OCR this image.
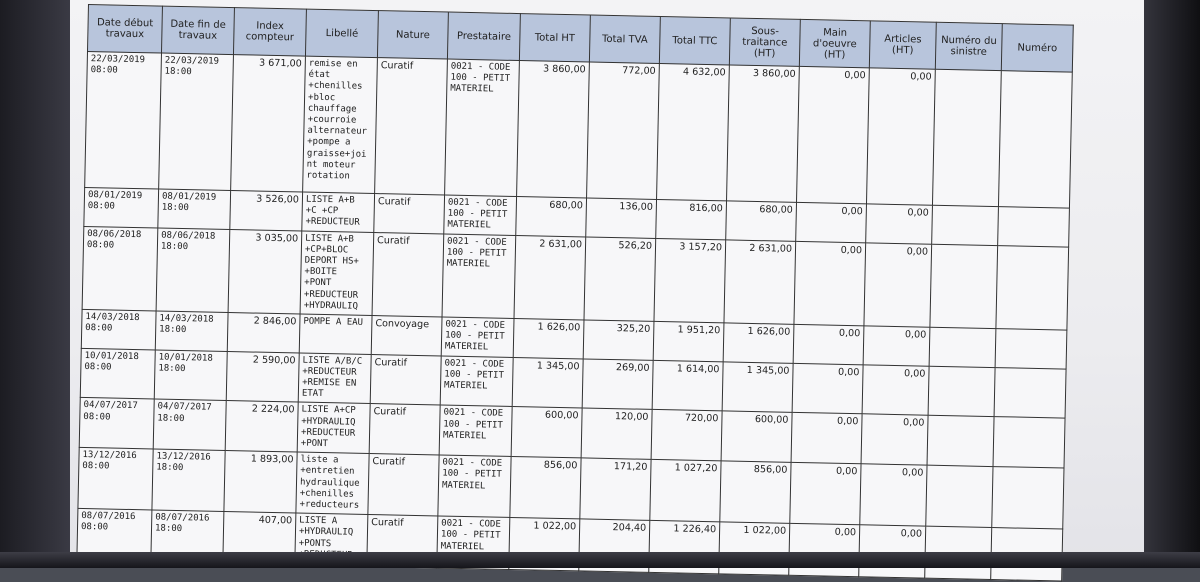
Date début travaux	Date fin de travaux	Index compteur	Libellé	Nature	Prestataire	Total HT	Total TVA	Total TTC	Sous-traitance (HT)	Main d'oeuvre (HT)	Articles (HT)	Numéro du sinistre	Numéro
22/03/2019 08:00	22/03/2019 18:00	3 671,00	remise en état +chenilles +bloc chauffage +courroie alternateur +pompe a graisse+joint moteur rotation	Curatif	0021 - CODE 100 - PETIT MATERIEL	3 860,00	772,00	4 632,00	3 860,00	0,00	0,00		
08/01/2019 08:00	08/01/2019 18:00	3 526,00	LISTE A+B +C +CP +REDUCTEUR	Curatif	0021 - CODE 100 - PETIT MATERIEL	680,00	136,00	816,00	680,00	0,00	0,00		
08/06/2018 08:00	08/06/2018 18:00	3 035,00	LISTE A+B +CP+BLOC DEPORT HS+ +BOITE +PONT +REDUCTEUR +HYDRAULIQ	Curatif	0021 - CODE 100 - PETIT MATERIEL	2 631,00	526,20	3 157,20	2 631,00	0,00	0,00		
14/03/2018 08:00	14/03/2018 18:00	2 846,00	POMPE A EAU	Convoyage	0021 - CODE 100 - PETIT MATERIEL	1 626,00	325,20	1 951,20	1 626,00	0,00	0,00		
10/01/2018 08:00	10/01/2018 18:00	2 590,00	LISTE A/B/C +REDUCTEUR +REMISE EN ETAT	Curatif	0021 - CODE 100 - PETIT MATERIEL	1 345,00	269,00	1 614,00	1 345,00	0,00	0,00		
04/07/2017 08:00	04/07/2017 18:00	2 224,00	LISTE A+CP +HYDRAULIQ +REDUCTEUR +PONT	Curatif	0021 - CODE 100 - PETIT MATERIEL	600,00	120,00	720,00	600,00	0,00	0,00		
13/12/2016 08:00	13/12/2016 18:00	1 893,00	liste a +entretien hydraulique +chenilles +reducteurs	Curatif	0021 - CODE 100 - PETIT MATERIEL	856,00	171,20	1 027,20	856,00	0,00	0,00		
08/07/2016 08:00	08/07/2016 18:00	407,00	LISTE A +HYDRAULIQ +PONTS	Curatif	0021 - CODE 100 - PETIT MATERIEL	1 022,00	204,40	1 226,40	1 022,00	0,00	0,00		
